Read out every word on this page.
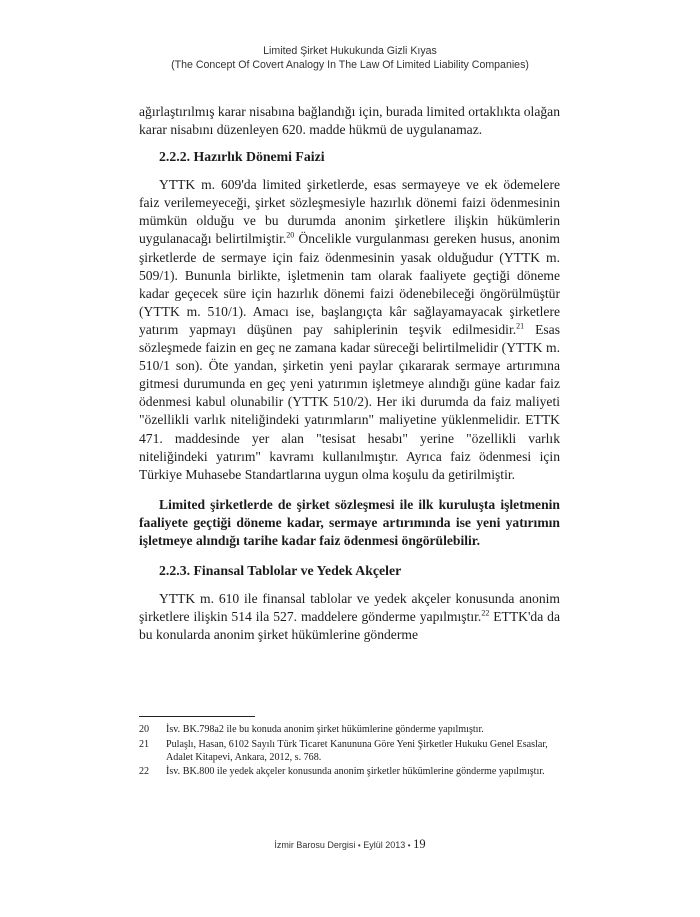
Limited Şirket Hukukunda Gizli Kıyas
(The Concept Of Covert Analogy In The Law Of Limited Liability Companies)

ağırlaştırılmış karar nisabına bağlandığı için, burada limited ortaklıkta olağan karar nisabını düzenleyen 620. madde hükmü de uygulanamaz.

2.2.2. Hazırlık Dönemi Faizi

YTTK m. 609'da limited şirketlerde, esas sermayeye ve ek ödemelere faiz verilemeyeceği, şirket sözleşmesiyle hazırlık dönemi faizi ödenmesinin mümkün olduğu ve bu durumda anonim şirketlere ilişkin hükümlerin uygulanacağı belirtilmiştir.$^{20}$ Öncelikle vurgulanması gereken husus, anonim şirketlerde de sermaye için faiz ödenmesinin yasak olduğudur (YTTK m. 509/1). Bununla birlikte, işletmenin tam olarak faaliyete geçtiği döneme kadar geçecek süre için hazırlık dönemi faizi ödenebileceği öngörülmüştür (YTTK m. 510/1). Amacı ise, başlangıçta kâr sağlayamayacak şirketlere yatırım yapmayı düşünen pay sahiplerinin teşvik edilmesidir.$^{21}$ Esas sözleşmede faizin en geç ne zamana kadar süreceği belirtilmelidir (YTTK m. 510/1 son). Öte yandan, şirketin yeni paylar çıkararak sermaye artırımına gitmesi durumunda en geç yeni yatırımın işletmeye alındığı güne kadar faiz ödenmesi kabul olunabilir (YTTK 510/2). Her iki durumda da faiz maliyeti "özellikli varlık niteliğindeki yatırımların" maliyetine yüklenmelidir. ETTK 471. maddesinde yer alan "tesisat hesabı" yerine "özellikli varlık niteliğindeki yatırım" kavramı kullanılmıştır. Ayrıca faiz ödenmesi için Türkiye Muhasebe Standartlarına uygun olma koşulu da getirilmiştir.

Limited şirketlerde de şirket sözleşmesi ile ilk kuruluşta işletmenin faaliyete geçtiği döneme kadar, sermaye artırımında ise yeni yatırımın işletmeye alındığı tarihe kadar faiz ödenmesi öngörülebilir.

2.2.3. Finansal Tablolar ve Yedek Akçeler

YTTK m. 610 ile finansal tablolar ve yedek akçeler konusunda anonim şirketlere ilişkin 514 ila 527. maddelere gönderme yapılmıştır.$^{22}$ ETTK'da da bu konularda anonim şirket hükümlerine gönderme

20	İsv. BK.798a2 ile bu konuda anonim şirket hükümlerine gönderme yapılmıştır.
21	Pulaşlı, Hasan, 6102 Sayılı Türk Ticaret Kanununa Göre Yeni Şirketler Hukuku Genel Esaslar, Adalet Kitapevi, Ankara, 2012, s. 768.
22	İsv. BK.800 ile yedek akçeler konusunda anonim şirketler hükümlerine gönderme yapılmıştır.
İzmir Barosu Dergisi • Eylül 2013 • 19
